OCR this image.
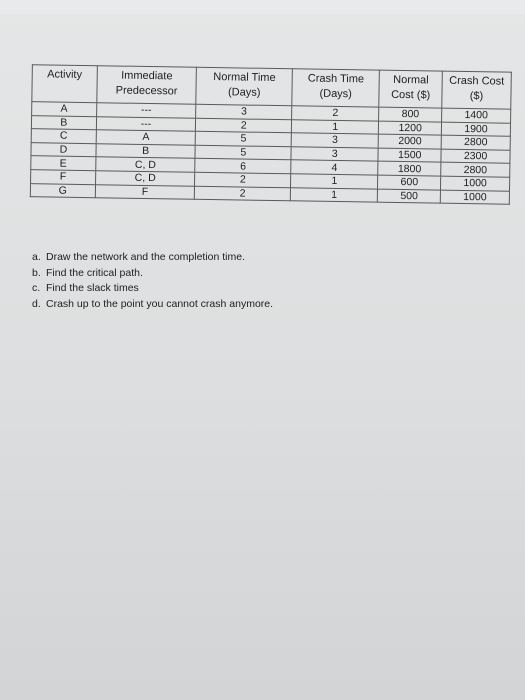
Activity	Immediate Predecessor	Normal Time (Days)	Crash Time (Days)	Normal Cost ($)	Crash Cost ($)
A	---	3	2	800	1400
B	---	2	1	1200	1900
C	A	5	3	2000	2800
D	B	5	3	1500	2300
E	C, D	6	4	1800	2800
F	C, D	2	1	600	1000
G	F	2	1	500	1000
a. Draw the network and the completion time.
b. Find the critical path.
c. Find the slack times
d. Crash up to the point you cannot crash anymore.
